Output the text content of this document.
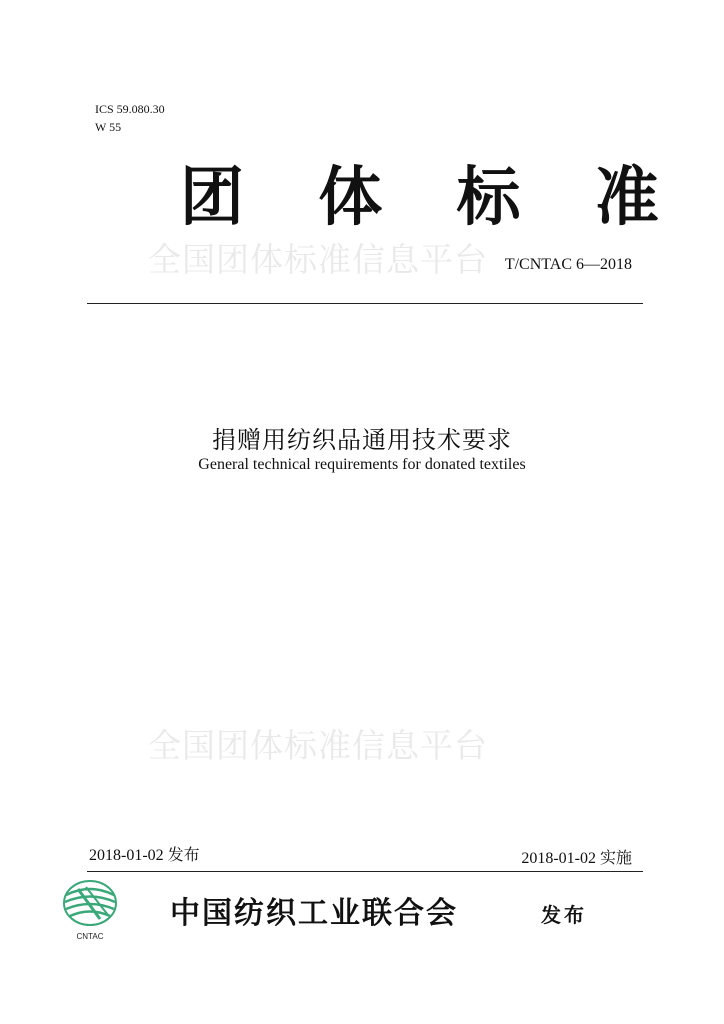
ICS 59.080.30
W 55
团 体 标 准
全国团体标准信息平台 T/CNTAC 6—2018
捐赠用纺织品通用技术要求
General technical requirements for donated textiles
全国团体标准信息平台
2018-01-02 发布	2018-01-02 实施
CNTAC
中国纺织工业联合会	发布
